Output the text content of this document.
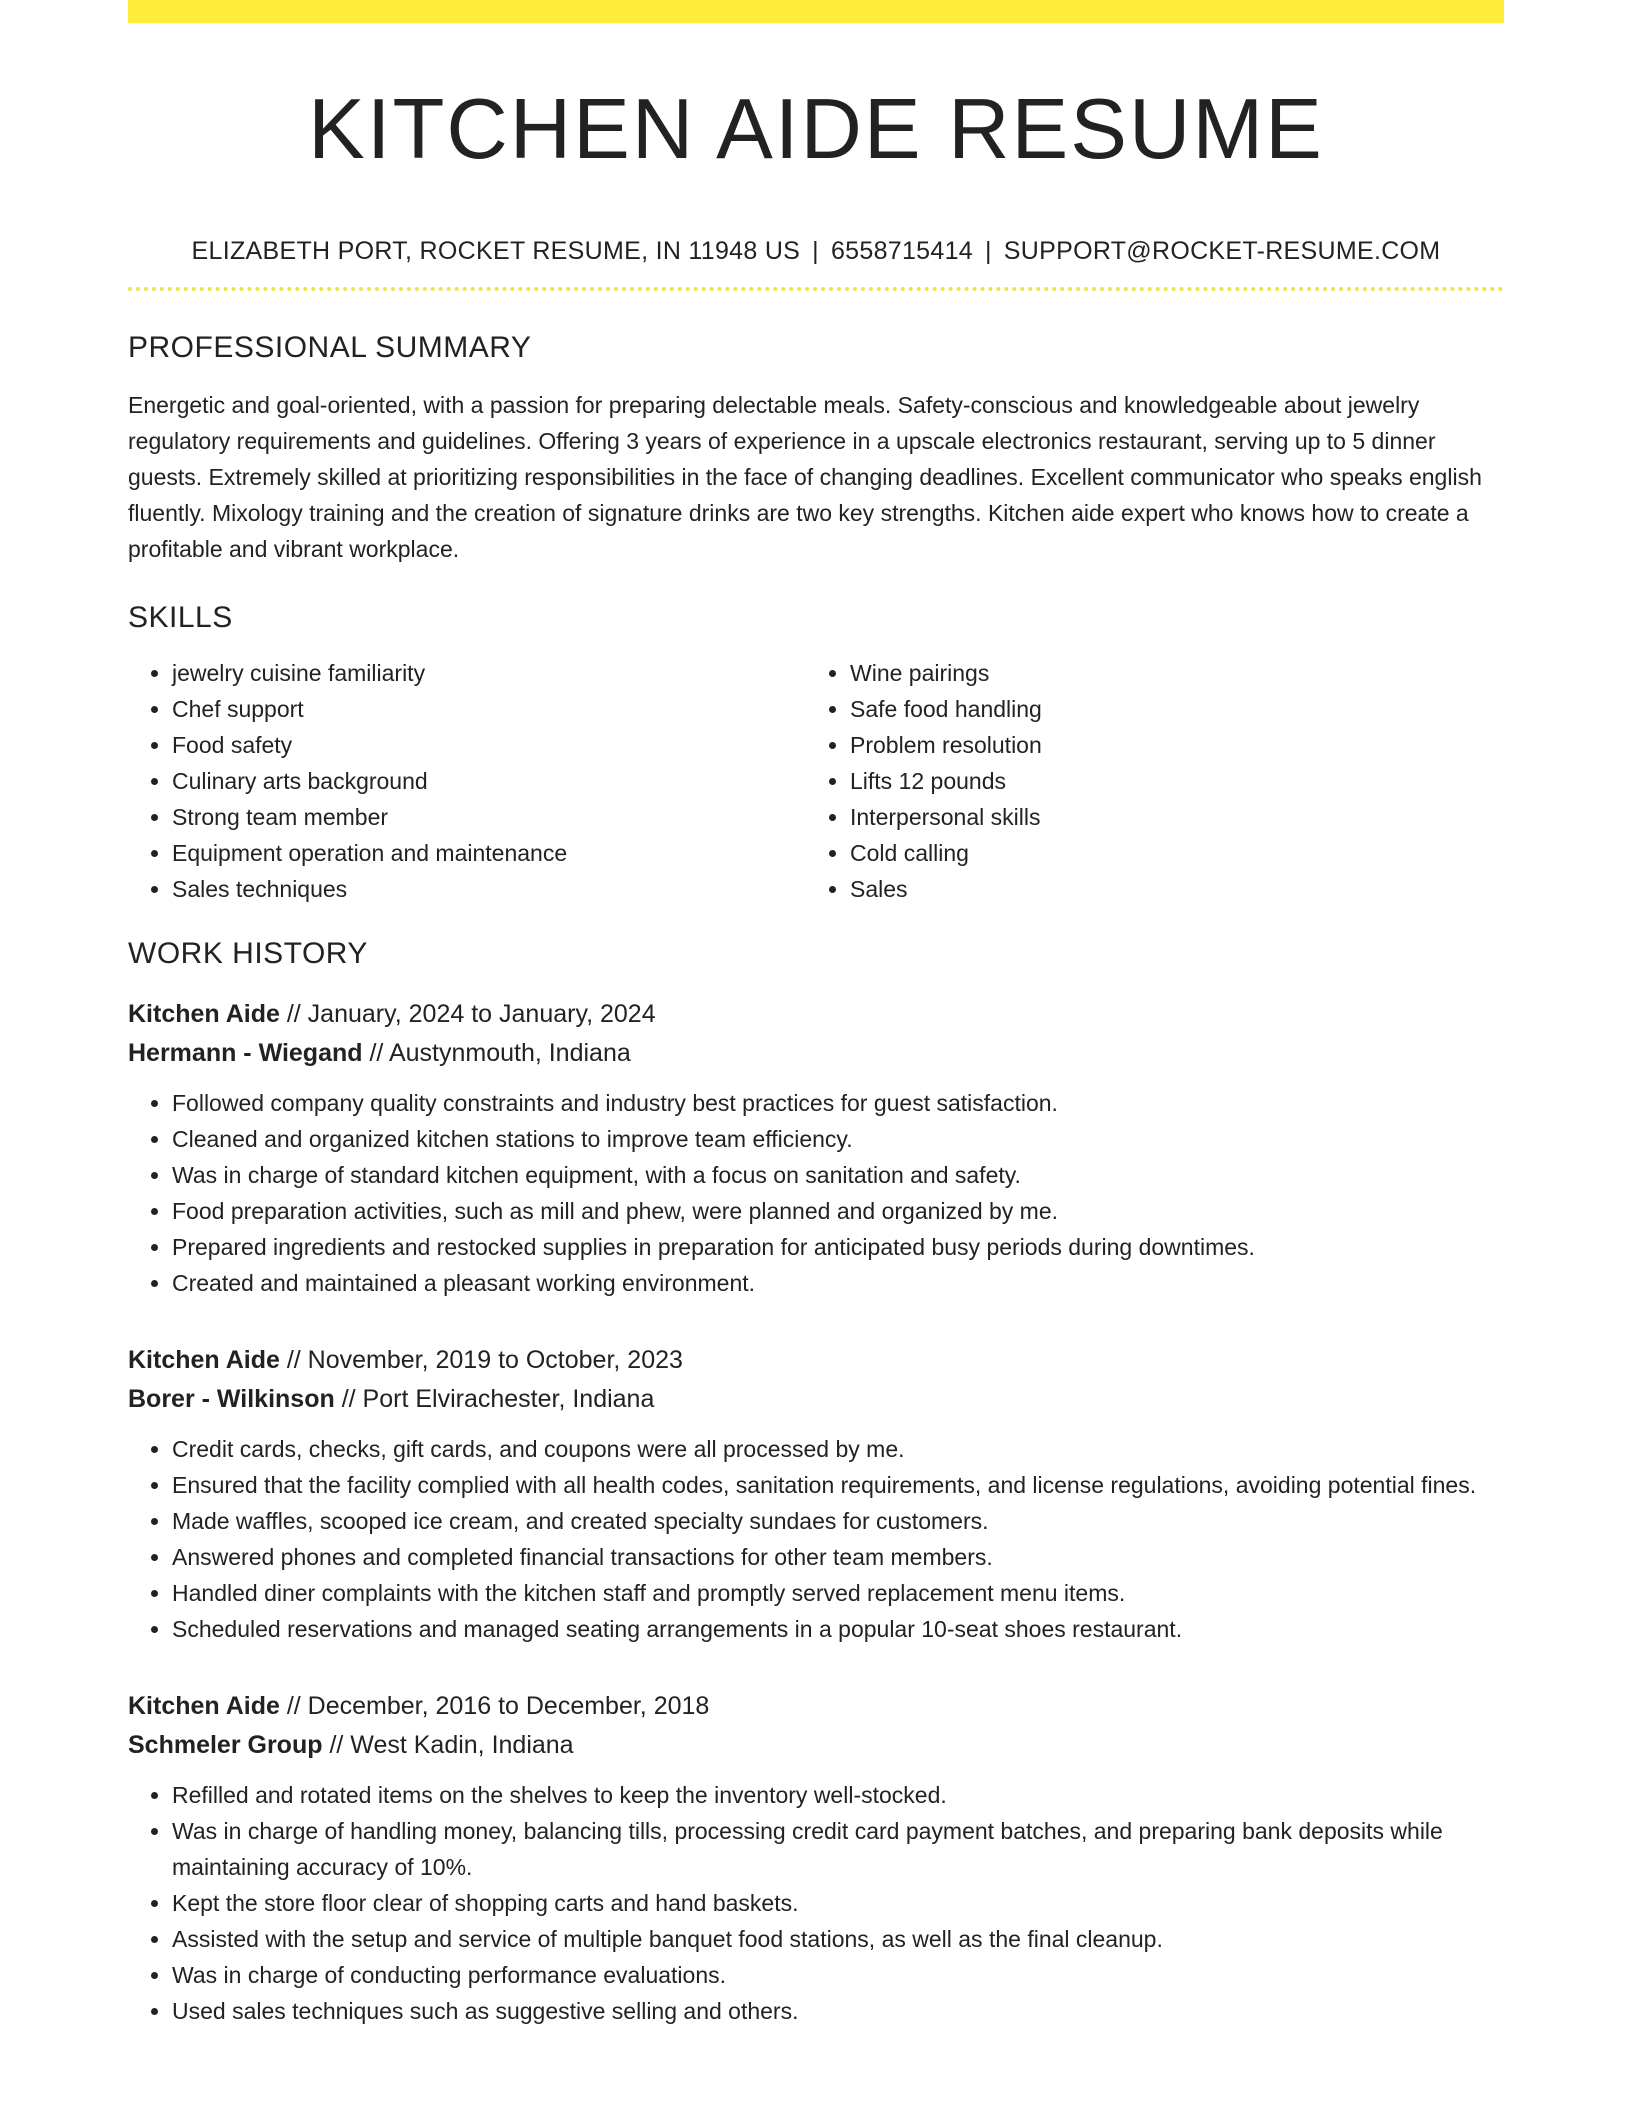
KITCHEN AIDE RESUME
ELIZABETH PORT, ROCKET RESUME, IN 11948 US | 6558715414 | SUPPORT@ROCKET-RESUME.COM
PROFESSIONAL SUMMARY

Energetic and goal-oriented, with a passion for preparing delectable meals. Safety-conscious and knowledgeable about jewelry regulatory requirements and guidelines. Offering 3 years of experience in a upscale electronics restaurant, serving up to 5 dinner guests. Extremely skilled at prioritizing responsibilities in the face of changing deadlines. Excellent communicator who speaks english fluently. Mixology training and the creation of signature drinks are two key strengths. Kitchen aide expert who knows how to create a profitable and vibrant workplace.

SKILLS
• jewelry cuisine familiarity
• Chef support
• Food safety
• Culinary arts background
• Strong team member
• Equipment operation and maintenance
• Sales techniques
• Wine pairings
• Safe food handling
• Problem resolution
• Lifts 12 pounds
• Interpersonal skills
• Cold calling
• Sales
WORK HISTORY
Kitchen Aide // January, 2024 to January, 2024
Hermann - Wiegand // Austynmouth, Indiana
• Followed company quality constraints and industry best practices for guest satisfaction.
• Cleaned and organized kitchen stations to improve team efficiency.
• Was in charge of standard kitchen equipment, with a focus on sanitation and safety.
• Food preparation activities, such as mill and phew, were planned and organized by me.
• Prepared ingredients and restocked supplies in preparation for anticipated busy periods during downtimes.
• Created and maintained a pleasant working environment.
Kitchen Aide // November, 2019 to October, 2023
Borer - Wilkinson // Port Elvirachester, Indiana
• Credit cards, checks, gift cards, and coupons were all processed by me.
• Ensured that the facility complied with all health codes, sanitation requirements, and license regulations, avoiding potential fines.
• Made waffles, scooped ice cream, and created specialty sundaes for customers.
• Answered phones and completed financial transactions for other team members.
• Handled diner complaints with the kitchen staff and promptly served replacement menu items.
• Scheduled reservations and managed seating arrangements in a popular 10-seat shoes restaurant.
Kitchen Aide // December, 2016 to December, 2018
Schmeler Group // West Kadin, Indiana
• Refilled and rotated items on the shelves to keep the inventory well-stocked.
• Was in charge of handling money, balancing tills, processing credit card payment batches, and preparing bank deposits while maintaining accuracy of 10%.
• Kept the store floor clear of shopping carts and hand baskets.
• Assisted with the setup and service of multiple banquet food stations, as well as the final cleanup.
• Was in charge of conducting performance evaluations.
• Used sales techniques such as suggestive selling and others.
